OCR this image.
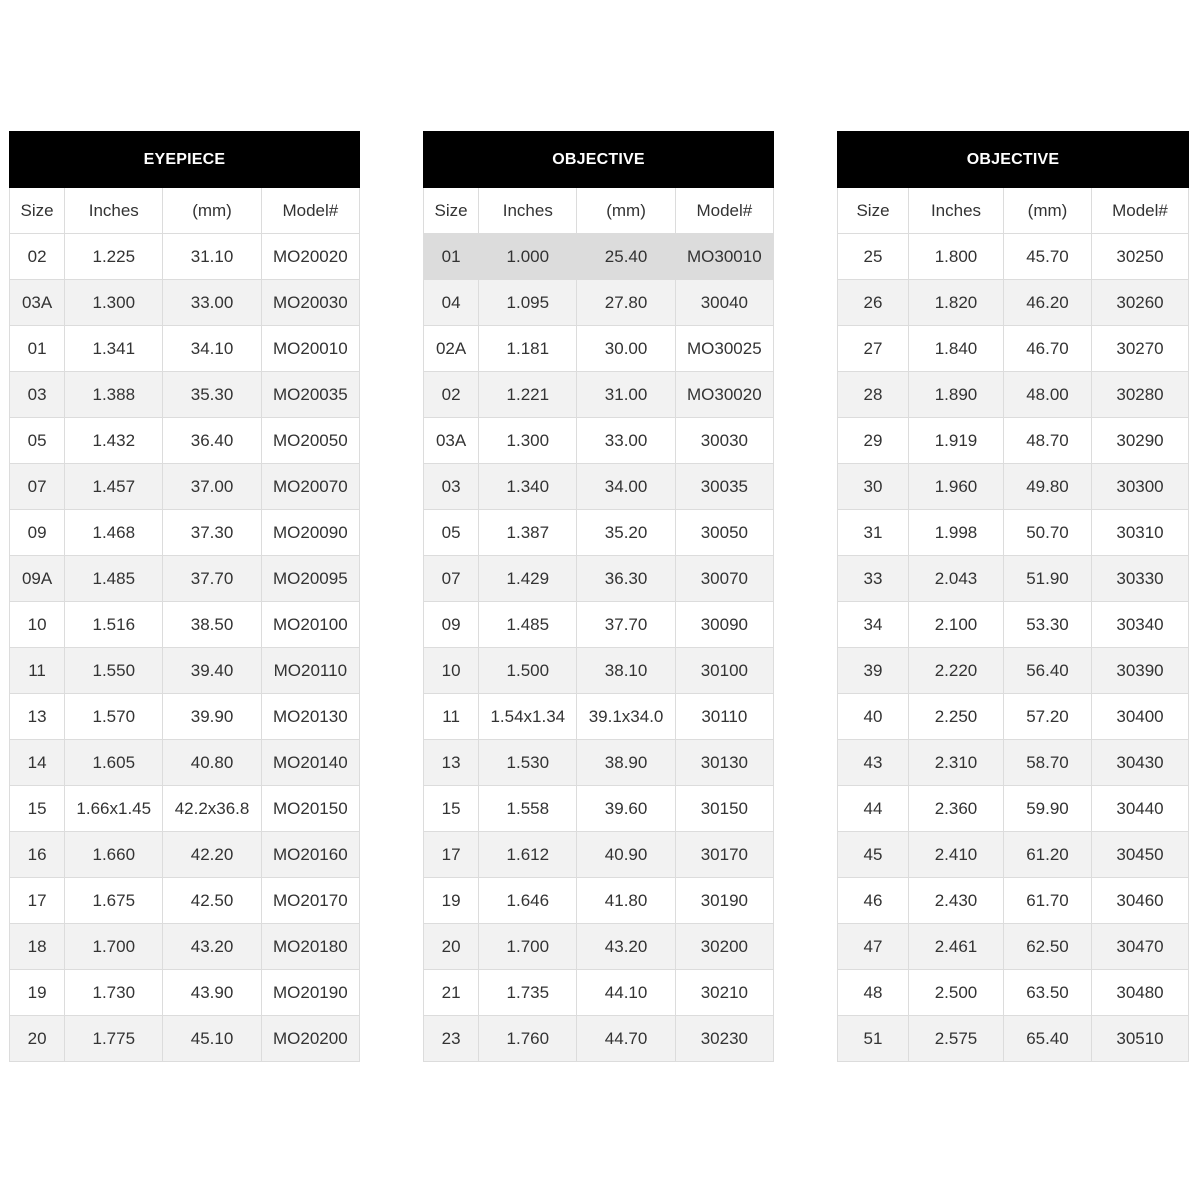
EYEPIECE			
Size	Inches	(mm)	Model#
02	1.225	31.10	MO20020
03A	1.300	33.00	MO20030
01	1.341	34.10	MO20010
03	1.388	35.30	MO20035
05	1.432	36.40	MO20050
07	1.457	37.00	MO20070
09	1.468	37.30	MO20090
09A	1.485	37.70	MO20095
10	1.516	38.50	MO20100
11	1.550	39.40	MO20110
13	1.570	39.90	MO20130
14	1.605	40.80	MO20140
15	1.66x1.45	42.2x36.8	MO20150
16	1.660	42.20	MO20160
17	1.675	42.50	MO20170
18	1.700	43.20	MO20180
19	1.730	43.90	MO20190
20	1.775	45.10	MO20200
OBJECTIVE			
Size	Inches	(mm)	Model#
01	1.000	25.40	MO30010
04	1.095	27.80	30040
02A	1.181	30.00	MO30025
02	1.221	31.00	MO30020
03A	1.300	33.00	30030
03	1.340	34.00	30035
05	1.387	35.20	30050
07	1.429	36.30	30070
09	1.485	37.70	30090
10	1.500	38.10	30100
11	1.54x1.34	39.1x34.0	30110
13	1.530	38.90	30130
15	1.558	39.60	30150
17	1.612	40.90	30170
19	1.646	41.80	30190
20	1.700	43.20	30200
21	1.735	44.10	30210
23	1.760	44.70	30230
OBJECTIVE			
Size	Inches	(mm)	Model#
25	1.800	45.70	30250
26	1.820	46.20	30260
27	1.840	46.70	30270
28	1.890	48.00	30280
29	1.919	48.70	30290
30	1.960	49.80	30300
31	1.998	50.70	30310
33	2.043	51.90	30330
34	2.100	53.30	30340
39	2.220	56.40	30390
40	2.250	57.20	30400
43	2.310	58.70	30430
44	2.360	59.90	30440
45	2.410	61.20	30450
46	2.430	61.70	30460
47	2.461	62.50	30470
48	2.500	63.50	30480
51	2.575	65.40	30510
